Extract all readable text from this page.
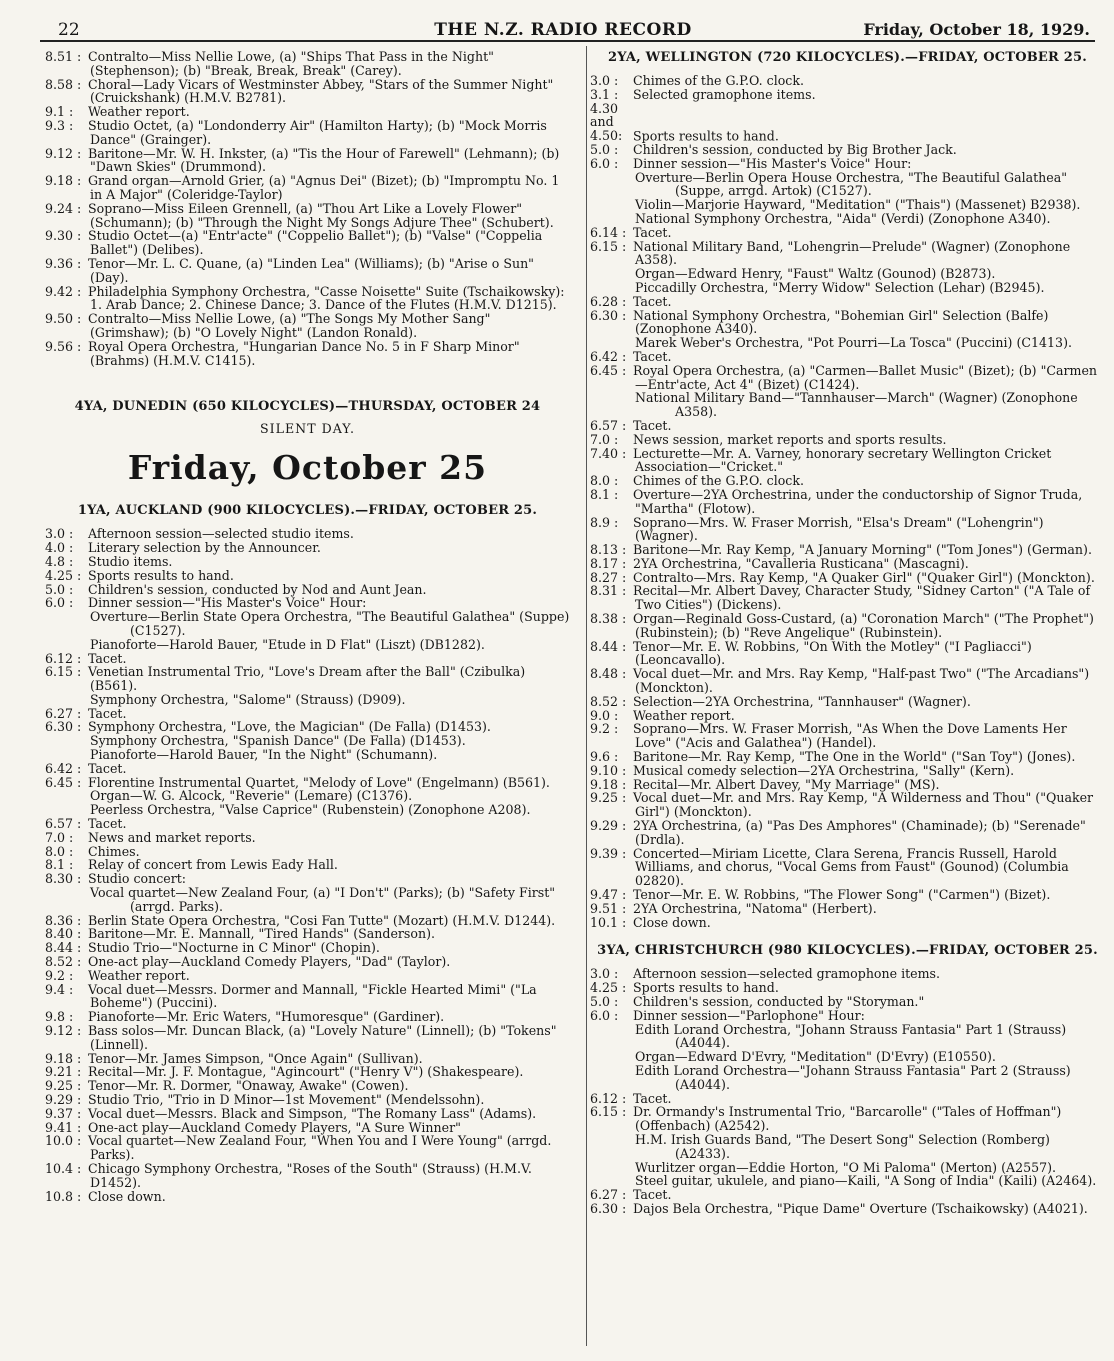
22	THE N.Z. RADIO RECORD	Friday, October 18, 1929.
8.51 : Contralto—Miss Nellie Lowe, (a) "Ships That Pass in the Night" (Stephenson); (b) "Break, Break, Break" (Carey).
8.58 : Choral—Lady Vicars of Westminster Abbey, "Stars of the Summer Night" (Cruickshank) (H.M.V. B2781).
9.1 : Weather report.
9.3 : Studio Octet, (a) "Londonderry Air" (Hamilton Harty); (b) "Mock Morris Dance" (Grainger).
9.12 : Baritone—Mr. W. H. Inkster, (a) "Tis the Hour of Farewell" (Lehmann); (b) "Dawn Skies" (Drummond).
9.18 : Grand organ—Arnold Grier, (a) "Agnus Dei" (Bizet); (b) "Impromptu No. 1 in A Major" (Coleridge-Taylor)
9.24 : Soprano—Miss Eileen Grennell, (a) "Thou Art Like a Lovely Flower" (Schumann); (b) "Through the Night My Songs Adjure Thee" (Schubert).
9.30 : Studio Octet—(a) "Entr'acte" ("Coppelio Ballet"); (b) "Valse" ("Coppelia Ballet") (Delibes).
9.36 : Tenor—Mr. L. C. Quane, (a) "Linden Lea" (Williams); (b) "Arise o Sun" (Day).
9.42 : Philadelphia Symphony Orchestra, "Casse Noisette" Suite (Tschaikowsky): 1. Arab Dance; 2. Chinese Dance; 3. Dance of the Flutes (H.M.V. D1215).
9.50 : Contralto—Miss Nellie Lowe, (a) "The Songs My Mother Sang" (Grimshaw); (b) "O Lovely Night" (Landon Ronald).
9.56 : Royal Opera Orchestra, "Hungarian Dance No. 5 in F Sharp Minor" (Brahms) (H.M.V. C1415).
4YA, DUNEDIN (650 KILOCYCLES)—THURSDAY, OCTOBER 24
SILENT DAY.
Friday, October 25
1YA, AUCKLAND (900 KILOCYCLES).—FRIDAY, OCTOBER 25.
3.0 : Afternoon session—selected studio items.
4.0 : Literary selection by the Announcer.
4.8 : Studio items.
4.25 : Sports results to hand.
5.0 : Children's session, conducted by Nod and Aunt Jean.
6.0 : Dinner session—"His Master's Voice" Hour:
Overture—Berlin State Opera Orchestra, "The Beautiful Galathea" (Suppe) (C1527).
Pianoforte—Harold Bauer, "Etude in D Flat" (Liszt) (DB1282).
6.12 : Tacet.
6.15 : Venetian Instrumental Trio, "Love's Dream after the Ball" (Czibulka) (B561).
Symphony Orchestra, "Salome" (Strauss) (D909).
6.27 : Tacet.
6.30 : Symphony Orchestra, "Love, the Magician" (De Falla) (D1453).
Symphony Orchestra, "Spanish Dance" (De Falla) (D1453).
Pianoforte—Harold Bauer, "In the Night" (Schumann).
6.42 : Tacet.
6.45 : Florentine Instrumental Quartet, "Melody of Love" (Engelmann) (B561).
Organ—W. G. Alcock, "Reverie" (Lemare) (C1376).
Peerless Orchestra, "Valse Caprice" (Rubenstein) (Zonophone A208).
6.57 : Tacet.
7.0 : News and market reports.
8.0 : Chimes.
8.1 : Relay of concert from Lewis Eady Hall.
8.30 : Studio concert:
Vocal quartet—New Zealand Four, (a) "I Don't" (Parks); (b) "Safety First" (arrgd. Parks).
8.36 : Berlin State Opera Orchestra, "Cosi Fan Tutte" (Mozart) (H.M.V. D1244).
8.40 : Baritone—Mr. E. Mannall, "Tired Hands" (Sanderson).
8.44 : Studio Trio—"Nocturne in C Minor" (Chopin).
8.52 : One-act play—Auckland Comedy Players, "Dad" (Taylor).
9.2 : Weather report.
9.4 : Vocal duet—Messrs. Dormer and Mannall, "Fickle Hearted Mimi" ("La Boheme") (Puccini).
9.8 : Pianoforte—Mr. Eric Waters, "Humoresque" (Gardiner).
9.12 : Bass solos—Mr. Duncan Black, (a) "Lovely Nature" (Linnell); (b) "Tokens" (Linnell).
9.18 : Tenor—Mr. James Simpson, "Once Again" (Sullivan).
9.21 : Recital—Mr. J. F. Montague, "Agincourt" ("Henry V") (Shakespeare).
9.25 : Tenor—Mr. R. Dormer, "Onaway, Awake" (Cowen).
9.29 : Studio Trio, "Trio in D Minor—1st Movement" (Mendelssohn).
9.37 : Vocal duet—Messrs. Black and Simpson, "The Romany Lass" (Adams).
9.41 : One-act play—Auckland Comedy Players, "A Sure Winner"
10.0 : Vocal quartet—New Zealand Four, "When You and I Were Young" (arrgd. Parks).
10.4 : Chicago Symphony Orchestra, "Roses of the South" (Strauss) (H.M.V. D1452).
10.8 : Close down.
2YA, WELLINGTON (720 KILOCYCLES).—FRIDAY, OCTOBER 25.
3.0 : Chimes of the G.P.O. clock.
3.1 : Selected gramophone items.
4.30 and 4.50: Sports results to hand.
5.0 : Children's session, conducted by Big Brother Jack.
6.0 : Dinner session—"His Master's Voice" Hour:
Overture—Berlin Opera House Orchestra, "The Beautiful Galathea" (Suppe, arrgd. Artok) (C1527).
Violin—Marjorie Hayward, "Meditation" ("Thais") (Massenet) B2938).
National Symphony Orchestra, "Aida" (Verdi) (Zonophone A340).
6.14 : Tacet.
6.15 : National Military Band, "Lohengrin—Prelude" (Wagner) (Zonophone A358).
Organ—Edward Henry, "Faust" Waltz (Gounod) (B2873).
Piccadilly Orchestra, "Merry Widow" Selection (Lehar) (B2945).
6.28 : Tacet.
6.30 : National Symphony Orchestra, "Bohemian Girl" Selection (Balfe) (Zonophone A340).
Marek Weber's Orchestra, "Pot Pourri—La Tosca" (Puccini) (C1413).
6.42 : Tacet.
6.45 : Royal Opera Orchestra, (a) "Carmen—Ballet Music" (Bizet); (b) "Carmen—Entr'acte, Act 4" (Bizet) (C1424).
National Military Band—"Tannhauser—March" (Wagner) (Zonophone A358).
6.57 : Tacet.
7.0 : News session, market reports and sports results.
7.40 : Lecturette—Mr. A. Varney, honorary secretary Wellington Cricket Association—"Cricket."
8.0 : Chimes of the G.P.O. clock.
8.1 : Overture—2YA Orchestrina, under the conductorship of Signor Truda, "Martha" (Flotow).
8.9 : Soprano—Mrs. W. Fraser Morrish, "Elsa's Dream" ("Lohengrin") (Wagner).
8.13 : Baritone—Mr. Ray Kemp, "A January Morning" ("Tom Jones") (German).
8.17 : 2YA Orchestrina, "Cavalleria Rusticana" (Mascagni).
8.27 : Contralto—Mrs. Ray Kemp, "A Quaker Girl" ("Quaker Girl") (Monckton).
8.31 : Recital—Mr. Albert Davey, Character Study, "Sidney Carton" ("A Tale of Two Cities") (Dickens).
8.38 : Organ—Reginald Goss-Custard, (a) "Coronation March" ("The Prophet") (Rubinstein); (b) "Reve Angelique" (Rubinstein).
8.44 : Tenor—Mr. E. W. Robbins, "On With the Motley" ("I Pagliacci") (Leoncavallo).
8.48 : Vocal duet—Mr. and Mrs. Ray Kemp, "Half-past Two" ("The Arcadians") (Monckton).
8.52 : Selection—2YA Orchestrina, "Tannhauser" (Wagner).
9.0 : Weather report.
9.2 : Soprano—Mrs. W. Fraser Morrish, "As When the Dove Laments Her Love" ("Acis and Galathea") (Handel).
9.6 : Baritone—Mr. Ray Kemp, "The One in the World" ("San Toy") (Jones).
9.10 : Musical comedy selection—2YA Orchestrina, "Sally" (Kern).
9.18 : Recital—Mr. Albert Davey, "My Marriage" (MS).
9.25 : Vocal duet—Mr. and Mrs. Ray Kemp, "A Wilderness and Thou" ("Quaker Girl") (Monckton).
9.29 : 2YA Orchestrina, (a) "Pas Des Amphores" (Chaminade); (b) "Serenade" (Drdla).
9.39 : Concerted—Miriam Licette, Clara Serena, Francis Russell, Harold Williams, and chorus, "Vocal Gems from Faust" (Gounod) (Columbia 02820).
9.47 : Tenor—Mr. E. W. Robbins, "The Flower Song" ("Carmen") (Bizet).
9.51 : 2YA Orchestrina, "Natoma" (Herbert).
10.1 : Close down.
3YA, CHRISTCHURCH (980 KILOCYCLES).—FRIDAY, OCTOBER 25.
3.0 : Afternoon session—selected gramophone items.
4.25 : Sports results to hand.
5.0 : Children's session, conducted by "Storyman."
6.0 : Dinner session—"Parlophone" Hour:
Edith Lorand Orchestra, "Johann Strauss Fantasia" Part 1 (Strauss) (A4044).
Organ—Edward D'Evry, "Meditation" (D'Evry) (E10550).
Edith Lorand Orchestra—"Johann Strauss Fantasia" Part 2 (Strauss) (A4044).
6.12 : Tacet.
6.15 : Dr. Ormandy's Instrumental Trio, "Barcarolle" ("Tales of Hoffman") (Offenbach) (A2542).
H.M. Irish Guards Band, "The Desert Song" Selection (Romberg) (A2433).
Wurlitzer organ—Eddie Horton, "O Mi Paloma" (Merton) (A2557).
Steel guitar, ukulele, and piano—Kaili, "A Song of India" (Kaili) (A2464).
6.27 : Tacet.
6.30 : Dajos Bela Orchestra, "Pique Dame" Overture (Tschaikowsky) (A4021).
